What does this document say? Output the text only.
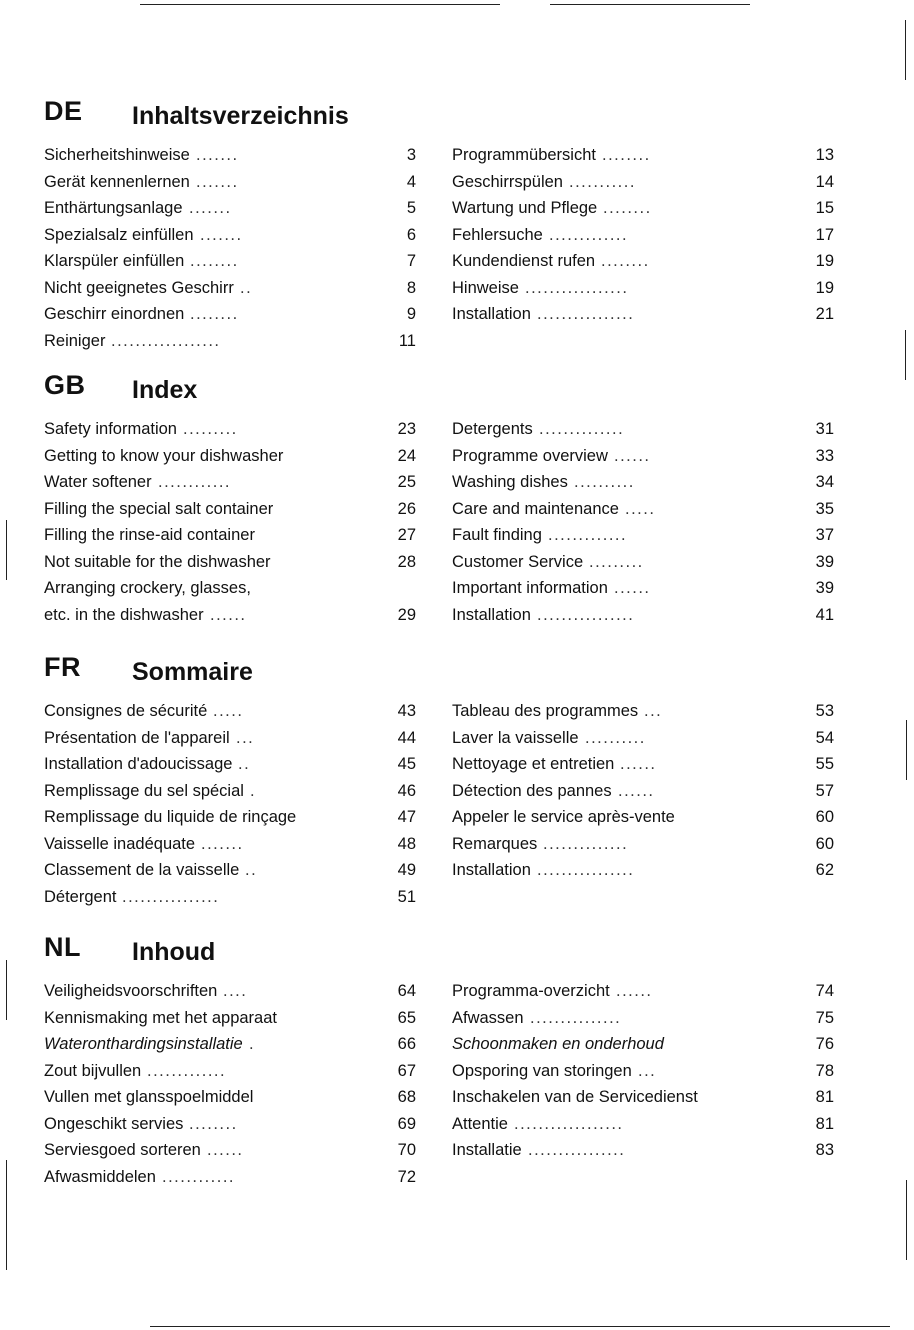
DE Inhaltsverzeichnis
Sicherheitshinweise .......	3
Gerät kennenlernen .......	4
Enthärtungsanlage .......	5
Spezialsalz einfüllen .......	6
Klarspüler einfüllen ........	7
Nicht geeignetes Geschirr ..	8
Geschirr einordnen ........	9
Reiniger ..................	11
Programmübersicht ........	13
Geschirrspülen ...........	14
Wartung und Pflege ........	15
Fehlersuche .............	17
Kundendienst rufen ........	19
Hinweise .................	19
Installation ................	21
GB Index
Safety information .........	23
Getting to know your dishwasher	24
Water softener ............	25
Filling the special salt container	26
Filling the rinse-aid container	27
Not suitable for the dishwasher	28
Arranging crockery, glasses,
etc. in the dishwasher ......	29
Detergents ..............	31
Programme overview ......	33
Washing dishes ..........	34
Care and maintenance .....	35
Fault finding .............	37
Customer Service .........	39
Important information ......	39
Installation ................	41
FR Sommaire
Consignes de sécurité .....	43
Présentation de l'appareil ...	44
Installation d'adoucissage ..	45
Remplissage du sel spécial .	46
Remplissage du liquide de rinçage	47
Vaisselle inadéquate .......	48
Classement de la vaisselle ..	49
Détergent ................	51
Tableau des programmes ...	53
Laver la vaisselle ..........	54
Nettoyage et entretien ......	55
Détection des pannes ......	57
Appeler le service après-vente	60
Remarques ..............	60
Installation ................	62
NL Inhoud
Veiligheidsvoorschriften ....	64
Kennismaking met het apparaat	65
Wateronthardingsinstallatie .	66
Zout bijvullen .............	67
Vullen met glansspoelmiddel	68
Ongeschikt servies ........	69
Serviesgoed sorteren ......	70
Afwasmiddelen ............	72
Programma-overzicht ......	74
Afwassen ...............	75
Schoonmaken en onderhoud	76
Opsporing van storingen ...	78
Inschakelen van de Servicedienst	81
Attentie ..................	81
Installatie ................	83
